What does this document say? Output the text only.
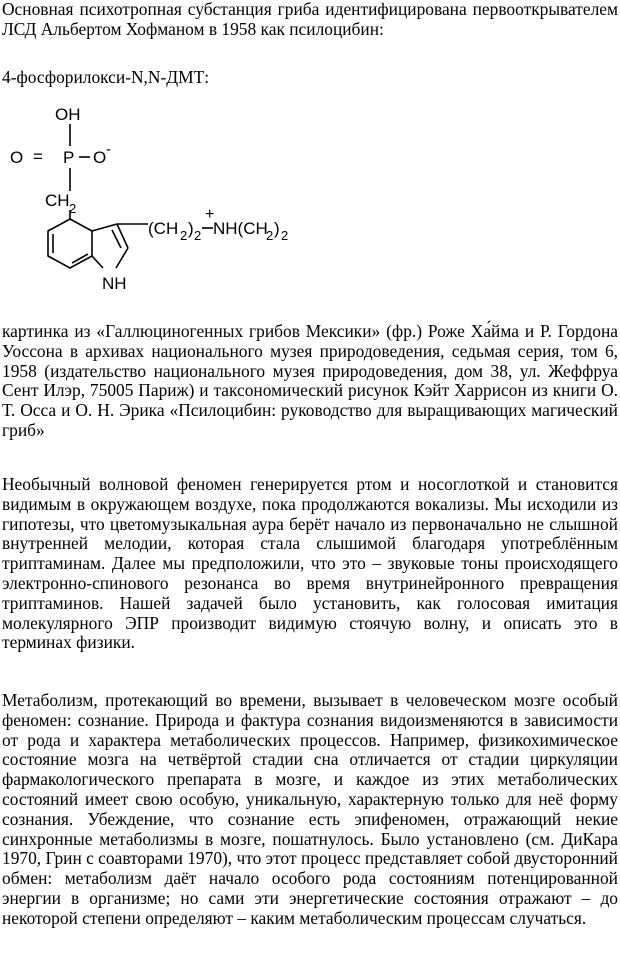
Основная психотропная субстанция гриба идентифицирована первооткрывателем ЛСД Альбертом Хофманом в 1958 как псилоцибин:

4-фосфорилокси-N,N-ДМТ:

OH
O = P O -
CH 2
NH
(CH 2 ) 2
+
NH(CH
2 ) 2

картинка из «Галлюциногенных грибов Мексики» (фр.) Роже Ха́йма и Р. Гордона Уоссона в архивах национального музея природоведения, седьмая серия, том 6, 1958 (издательство национального музея природоведения, дом 38, ул. Жеффруа Сент Илэр, 75005 Париж) и таксономический рисунок Кэйт Харрисон из книги О. Т. Осса и О. Н. Эрика «Псилоцибин: руководство для выращивающих магический гриб»

Необычный волновой феномен генерируется ртом и носоглоткой и становится видимым в окружающем воздухе, пока продолжаются вокализы. Мы исходили из гипотезы, что цветомузыкальная аура берёт начало из первоначально не слышной внутренней мелодии, которая стала слышимой благодаря употреблённым триптаминам. Далее мы предположили, что это – звуковые тоны происходящего электронно-спинового резонанса во время внутринейронного превращения триптаминов. Нашей задачей было установить, как голосовая имитация молекулярного ЭПР производит видимую стоячую волну, и описать это в терминах физики.

Метаболизм, протекающий во времени, вызывает в человеческом мозге особый феномен: сознание. Природа и фактура сознания видоизменяются в зависимости от рода и характера метаболических процессов. Например, физикохимическое состояние мозга на четвёртой стадии сна отличается от стадии циркуляции фармакологического препарата в мозге, и каждое из этих метаболических состояний имеет свою особую, уникальную, характерную только для неё форму сознания. Убеждение, что сознание есть эпифеномен, отражающий некие синхронные метаболизмы в мозге, пошатнулось. Было установлено (см. ДиКара 1970, Грин с соавторами 1970), что этот процесс представляет собой двусторонний обмен: метаболизм даёт начало особого рода состояниям потенцированной энергии в организме; но сами эти энергетические состояния отражают – до некоторой степени определяют – каким метаболическим процессам случаться.
